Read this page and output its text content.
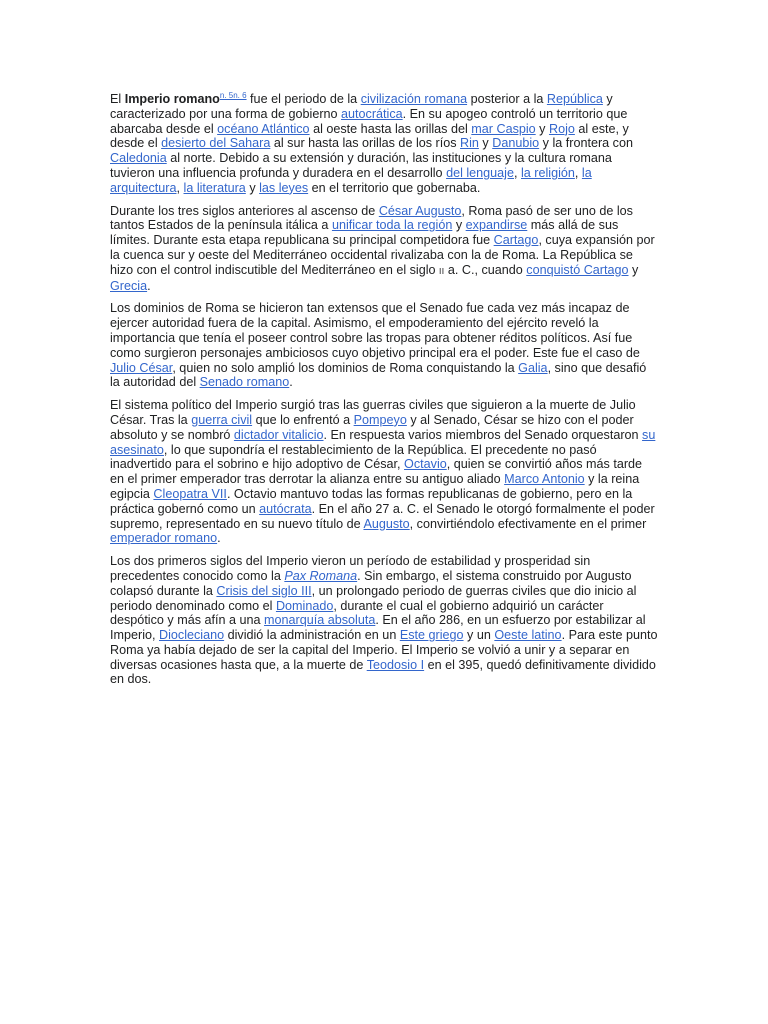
El Imperio romano$^{n. 5n. 6}$ fue el periodo de la civilización romana posterior a la República y caracterizado por una forma de gobierno autocrática. En su apogeo controló un territorio que abarcaba desde el océano Atlántico al oeste hasta las orillas del mar Caspio y Rojo al este, y desde el desierto del Sahara al sur hasta las orillas de los ríos Rin y Danubio y la frontera con Caledonia al norte. Debido a su extensión y duración, las instituciones y la cultura romana tuvieron una influencia profunda y duradera en el desarrollo del lenguaje, la religión, la arquitectura, la literatura y las leyes en el territorio que gobernaba.

Durante los tres siglos anteriores al ascenso de César Augusto, Roma pasó de ser uno de los tantos Estados de la península itálica a unificar toda la región y expandirse más allá de sus límites. Durante esta etapa republicana su principal competidora fue Cartago, cuya expansión por la cuenca sur y oeste del Mediterráneo occidental rivalizaba con la de Roma. La República se hizo con el control indiscutible del Mediterráneo en el siglo II a. C., cuando conquistó Cartago y Grecia.

Los dominios de Roma se hicieron tan extensos que el Senado fue cada vez más incapaz de ejercer autoridad fuera de la capital. Asimismo, el empoderamiento del ejército reveló la importancia que tenía el poseer control sobre las tropas para obtener réditos políticos. Así fue como surgieron personajes ambiciosos cuyo objetivo principal era el poder. Este fue el caso de Julio César, quien no solo amplió los dominios de Roma conquistando la Galia, sino que desafió la autoridad del Senado romano.

El sistema político del Imperio surgió tras las guerras civiles que siguieron a la muerte de Julio César. Tras la guerra civil que lo enfrentó a Pompeyo y al Senado, César se hizo con el poder absoluto y se nombró dictador vitalicio. En respuesta varios miembros del Senado orquestaron su asesinato, lo que supondría el restablecimiento de la República. El precedente no pasó inadvertido para el sobrino e hijo adoptivo de César, Octavio, quien se convirtió años más tarde en el primer emperador tras derrotar la alianza entre su antiguo aliado Marco Antonio y la reina egipcia Cleopatra VII. Octavio mantuvo todas las formas republicanas de gobierno, pero en la práctica gobernó como un autócrata. En el año 27 a. C. el Senado le otorgó formalmente el poder supremo, representado en su nuevo título de Augusto, convirtiéndolo efectivamente en el primer emperador romano.

Los dos primeros siglos del Imperio vieron un período de estabilidad y prosperidad sin precedentes conocido como la Pax Romana. Sin embargo, el sistema construido por Augusto colapsó durante la Crisis del siglo III, un prolongado periodo de guerras civiles que dio inicio al periodo denominado como el Dominado, durante el cual el gobierno adquirió un carácter despótico y más afín a una monarquía absoluta. En el año 286, en un esfuerzo por estabilizar al Imperio, Diocleciano dividió la administración en un Este griego y un Oeste latino. Para este punto Roma ya había dejado de ser la capital del Imperio. El Imperio se volvió a unir y a separar en diversas ocasiones hasta que, a la muerte de Teodosio I en el 395, quedó definitivamente dividido en dos.
